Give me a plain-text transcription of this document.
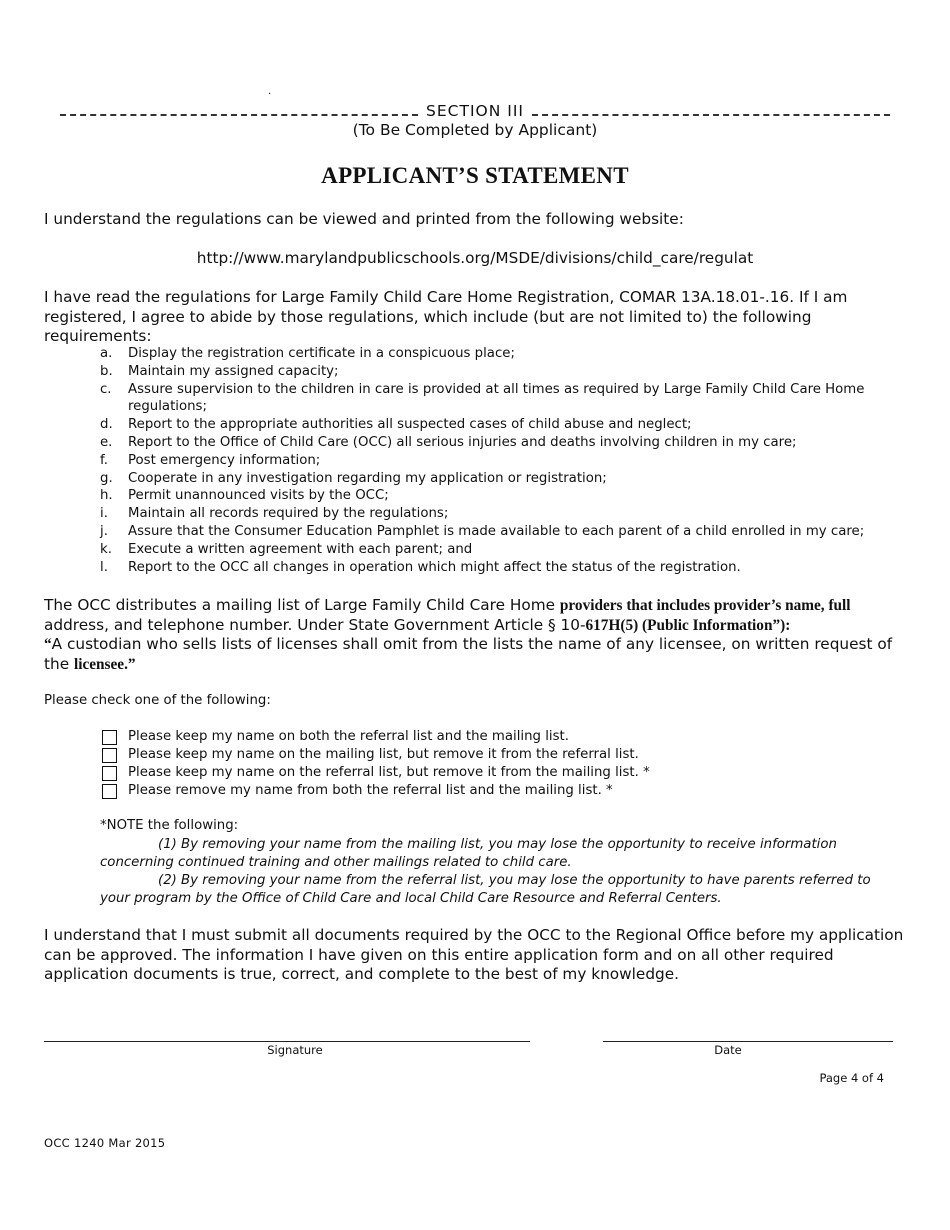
.
SECTION III
(To Be Completed by Applicant)
APPLICANT’S STATEMENT
I understand the regulations can be viewed and printed from the following website:
http://www.marylandpublicschools.org/MSDE/divisions/child_care/regulat
I have read the regulations for Large Family Child Care Home Registration, COMAR 13A.18.01-.16. If I am registered, I agree to abide by those regulations, which include (but are not limited to) the following requirements:
a.	Display the registration certificate in a conspicuous place;
b.	Maintain my assigned capacity;
c.	Assure supervision to the children in care is provided at all times as required by Large Family Child Care Home regulations;
d.	Report to the appropriate authorities all suspected cases of child abuse and neglect;
e.	Report to the Office of Child Care (OCC) all serious injuries and deaths involving children in my care;
f.	Post emergency information;
g.	Cooperate in any investigation regarding my application or registration;
h.	Permit unannounced visits by the OCC;
i.	Maintain all records required by the regulations;
j.	Assure that the Consumer Education Pamphlet is made available to each parent of a child enrolled in my care;
k.	Execute a written agreement with each parent; and
l.	Report to the OCC all changes in operation which might affect the status of the registration.
The OCC distributes a mailing list of Large Family Child Care Home providers that includes provider’s name, full address, and telephone number. Under State Government Article § 10-617H(5) (Public Information”):
“A custodian who sells lists of licenses shall omit from the lists the name of any licensee, on written request of the licensee.”
Please check one of the following:
Please keep my name on both the referral list and the mailing list.
Please keep my name on the mailing list, but remove it from the referral list.
Please keep my name on the referral list, but remove it from the mailing list. *
Please remove my name from both the referral list and the mailing list. *
*NOTE the following:
(1) By removing your name from the mailing list, you may lose the opportunity to receive information concerning continued training and other mailings related to child care.
(2) By removing your name from the referral list, you may lose the opportunity to have parents referred to your program by the Office of Child Care and local Child Care Resource and Referral Centers.
I understand that I must submit all documents required by the OCC to the Regional Office before my application can be approved. The information I have given on this entire application form and on all other required application documents is true, correct, and complete to the best of my knowledge.
Signature	Date
Page 4 of 4
OCC 1240 Mar 2015
